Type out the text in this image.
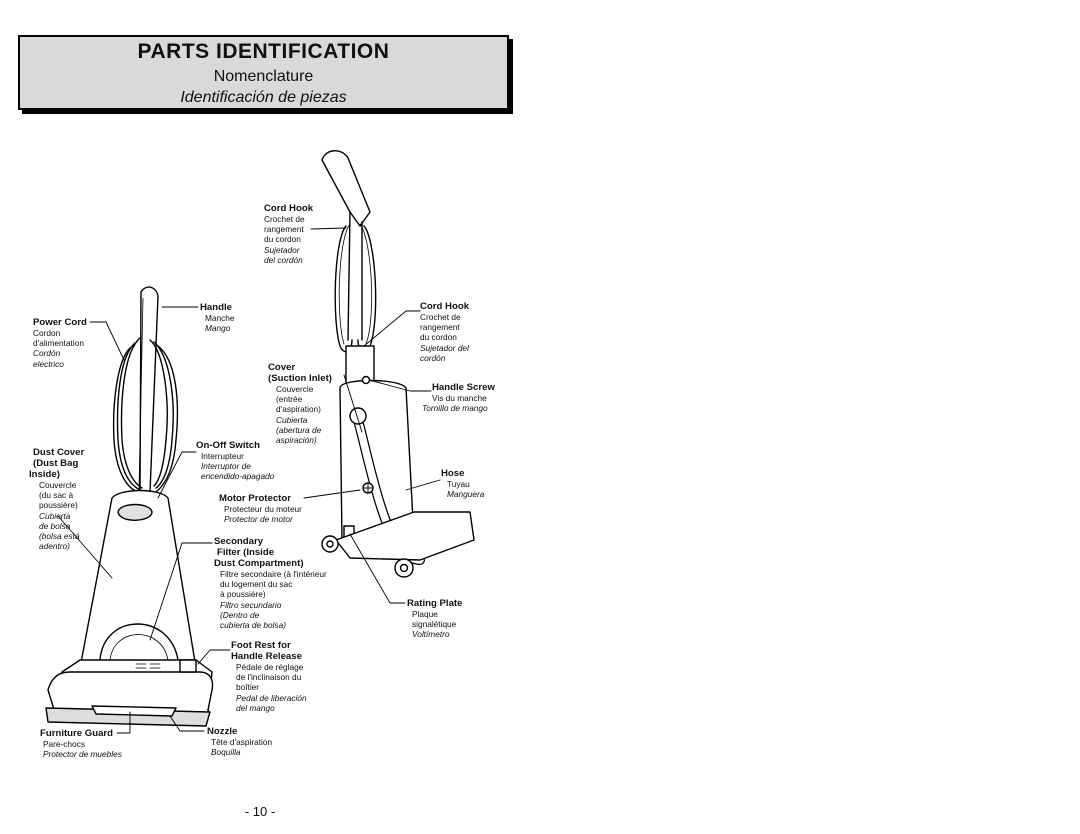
PARTS IDENTIFICATION
Nomenclature
Identificación de piezas
Cord Hook
Crochet de
rangement
du cordon
Sujetador
del cordón
Handle
Manche
Mango
Power Cord
Cordon
d'alimentation
Cordón
electrico
Cord Hook
Crochet de
rangement
du cordon
Sujetador del
cordón
Cover
(Suction Inlet)
Couvercle
(entrée
d'aspiration)
Cubierta
(abertura de
aspiración)
Handle Screw
Vis du manche
Tornillo de mango
On-Off Switch
Interrupteur
Interruptor de
encendido-apagado
Dust Cover
(Dust Bag
Inside)
Couvercle
(du sac à
poussière)
Cubierta
de bolsa
(bolsa está
adentro)
Hose
Tuyau
Manguera
Motor Protector
Protecteur du moteur
Protector de motor
Secondary
Filter (Inside
Dust Compartment)
Filtre secondaire (à l'intérieur
du logement du sac
à poussière)
Filtro secundario
(Dentro de
cubierta de bolsa)
Rating Plate
Plaque
signalétique
Voltímetro
Foot Rest for
Handle Release
Pédale de réglage
de l'inclinaison du
boîtier
Pedal de liberación
del mango
Furniture Guard
Pare-chocs
Protector de muebles
Nozzle
Tête d'aspiration
Boquilla
- 10 -
